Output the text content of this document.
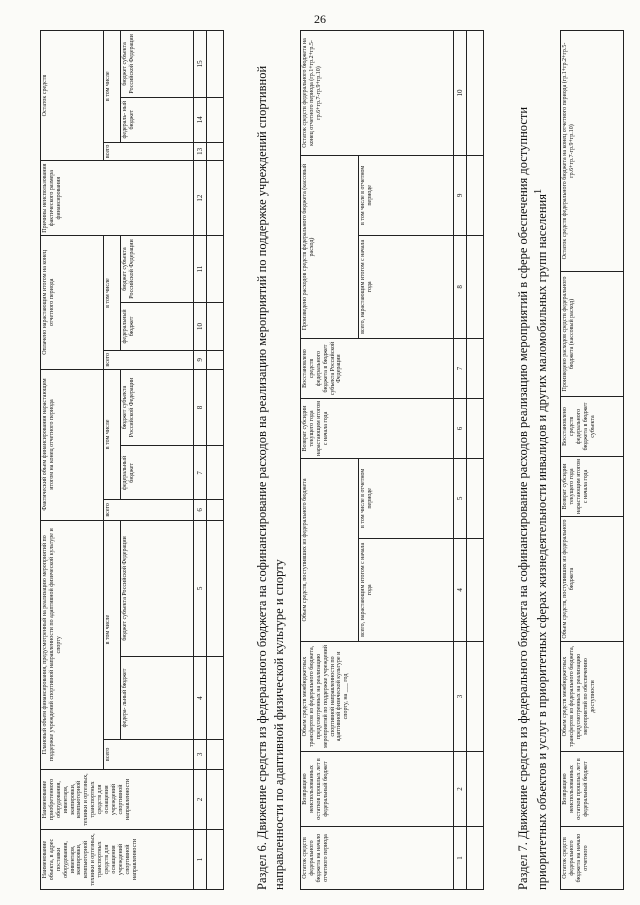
26
Наименование объекта, в адрес поставки оборудования, инвентаря, экипировки, компьютерной техники и ортезных, транспортных средств для оснащения учреждений спортивной направленности	Наименование приобретенного оборудования, инвентаря, экипировки, компьютерной техники и ортезных, транспортных средств для оснащения учреждений спортивной направленности	Плановый объем финансирования, предусмотренный на реализацию мероприятий по поддержке учреждений спортивной направленности по адаптивной физической культуре и спорту			Фактический объем финансирования нарастающим итогом на конец отчетного периода			Оплачено нарастающим итогом на конец отчетного периода			Причины неиспользования фактического размера финансирования	Остаток средств		
		всего	в том числе		всего	в том числе		всего	в том числе			всего	в том числе	
			федера- льный бюджет	бюджет субъекта Российской Федерации		федеральный бюджет	бюджет субъекта Российской Федерации		федеральный бюджет	бюджет субъекта Российской Федерации			федераль- ный бюджет	бюджет субъекта Российской Федерации
1	2	3	4	5	6	7	8	9	10	11	12	13	14	15

Раздел 6. Движение средств из федерального бюджета на софинансирование расходов на реализацию мероприятий по поддержке учреждений спортивной направленности по адаптивной физической культуре и спорту	Остаток средств федерального бюджета на начало отчетного периода	Возвращено неиспользованных остатков прошлых лет в федеральный бюджет	Объем средств межбюджетных трансфертов из федерального бюджета, предусмотренных на реализацию мероприятий по поддержке учреждений спортивной направленности по адаптивной физической культуре и спорту, на ___ год	Объем средств, поступивших из федерального бюджета		Возврат субсидии текущего года нарастающим итогом с начала года	Восстановлено средств федерального бюджета в бюджет субъекта Российской Федерации	Произведено расходов средств федерального бюджета (кассовый расход)		Остаток средств федерального бюджета на конец отчетного периода (гр.1+гр.2+гр.5-гр.6+гр.7-гр.9+гр.10)
			всего, нарастающим итогом с начала года	в том числе в отчетном периоде			всего, нарастающим итогом с начала года	в том числе в отчетном периоде	
1	2	3	4	5	6	7	8	9	10

Раздел 7. Движение средств из федерального бюджета на софинансирование расходов реализацию мероприятий в сфере обеспечения доступности приоритетных объектов и услуг в приоритетных сферах жизнедеятельности инвалидов и других маломобильных групп населения$^1$
Остаток средств федерального бюджета на начало отчетного	Возвращено неиспользованных остатков прошлых лет в федеральный бюджет	Объем средств межбюджетных трансфертов из федерального бюджета, предусмотренных на реализацию мероприятий по обеспечению доступности	Объем средств, поступивших из федерального бюджета	Возврат субсидии текущего года нарастающим итогом с начала года	Восстановлено средств федерального бюджета в бюджет субъекта	Произведено расходов средств федерального бюджета (кассовый расход)	Остаток средств федерального бюджета на конец отчетного периода (гр.1+гр.2+гр.5-гр.6+гр.7-гр.9+гр.10)
